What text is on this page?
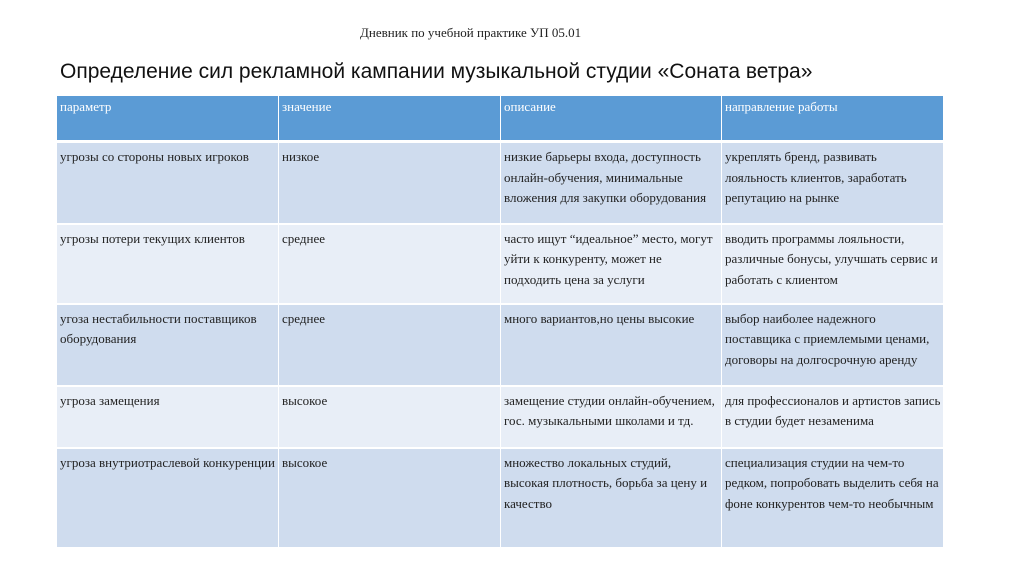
Дневник по учебной практике УП 05.01
Определение сил рекламной кампании музыкальной студии «Соната ветра»
параметр	значение	описание	направление работы
угрозы со стороны новых игроков	низкое	низкие барьеры входа, доступность онлайн-обучения, минимальные вложения для закупки оборудования	укреплять бренд, развивать лояльность клиентов, заработать репутацию на рынке
угрозы потери текущих клиентов	среднее	часто ищут “идеальное” место, могут уйти к конкуренту, может не подходить цена за услуги	вводить программы лояльности, различные бонусы, улучшать сервис и работать с клиентом
угоза нестабильности поставщиков оборудования	среднее	много вариантов,но цены высокие	выбор наиболее надежного поставщика с приемлемыми ценами, договоры на долгосрочную аренду
угроза замещения	высокое	замещение студии онлайн-обучением, гос. музыкальными школами и тд.	для профессионалов и артистов запись в студии будет незаменима
угроза внутриотраслевой конкуренции	высокое	множество локальных студий, высокая плотность, борьба за цену и качество	специализация студии на чем-то редком, попробовать выделить себя на фоне конкурентов чем-то необычным
